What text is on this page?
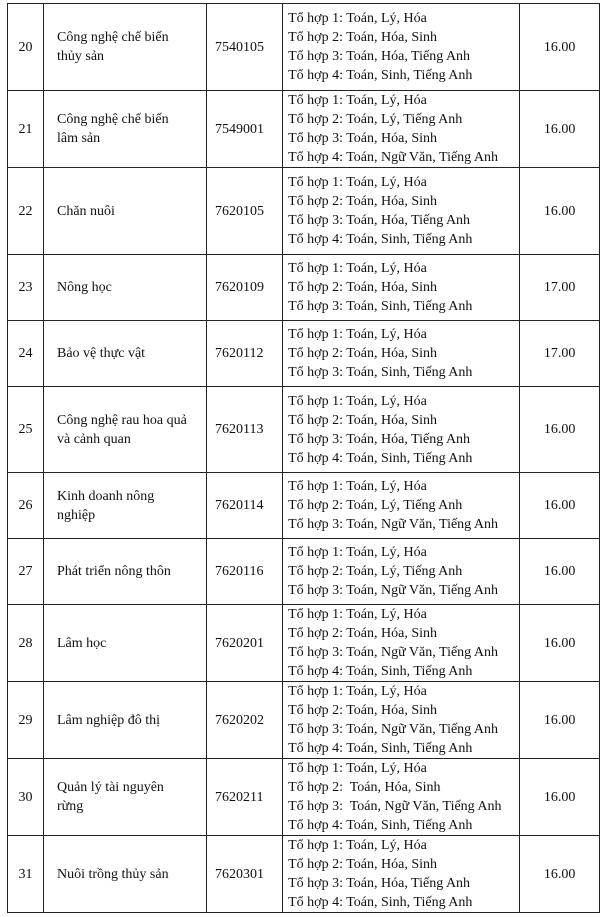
20	Công nghệ chế biến
thủy sản	7540105	Tổ hợp 1: Toán, Lý, Hóa
Tổ hợp 2: Toán, Hóa, Sinh
Tổ hợp 3: Toán, Hóa, Tiếng Anh
Tổ hợp 4: Toán, Sinh, Tiếng Anh	16.00
21	Công nghệ chế biến
lâm sản	7549001	Tổ hợp 1: Toán, Lý, Hóa
Tổ hợp 2: Toán, Lý, Tiếng Anh
Tổ hợp 3: Toán, Hóa, Sinh
Tổ hợp 4: Toán, Ngữ Văn, Tiếng Anh	16.00
22	Chăn nuôi	7620105	Tổ hợp 1: Toán, Lý, Hóa
Tổ hợp 2: Toán, Hóa, Sinh
Tổ hợp 3: Toán, Hóa, Tiếng Anh
Tổ hợp 4: Toán, Sinh, Tiếng Anh	16.00
23	Nông học	7620109	Tổ hợp 1: Toán, Lý, Hóa
Tổ hợp 2: Toán, Hóa, Sinh
Tổ hợp 3: Toán, Sinh, Tiếng Anh	17.00
24	Bảo vệ thực vật	7620112	Tổ hợp 1: Toán, Lý, Hóa
Tổ hợp 2: Toán, Hóa, Sinh
Tổ hợp 3: Toán, Sinh, Tiếng Anh	17.00
25	Công nghệ rau hoa quả
và cảnh quan	7620113	Tổ hợp 1: Toán, Lý, Hóa
Tổ hợp 2: Toán, Hóa, Sinh
Tổ hợp 3: Toán, Hóa, Tiếng Anh
Tổ hợp 4: Toán, Sinh, Tiếng Anh	16.00
26	Kinh doanh nông
nghiệp	7620114	Tổ hợp 1: Toán, Lý, Hóa
Tổ hợp 2: Toán, Lý, Tiếng Anh
Tổ hợp 3: Toán, Ngữ Văn, Tiếng Anh	16.00
27	Phát triển nông thôn	7620116	Tổ hợp 1: Toán, Lý, Hóa
Tổ hợp 2: Toán, Lý, Tiếng Anh
Tổ hợp 3: Toán, Ngữ Văn, Tiếng Anh	16.00
28	Lâm học	7620201	Tổ hợp 1: Toán, Lý, Hóa
Tổ hợp 2: Toán, Hóa, Sinh
Tổ hợp 3: Toán, Ngữ Văn, Tiếng Anh
Tổ hợp 4: Toán, Sinh, Tiếng Anh	16.00
29	Lâm nghiệp đô thị	7620202	Tổ hợp 1: Toán, Lý, Hóa
Tổ hợp 2: Toán, Hóa, Sinh
Tổ hợp 3: Toán, Ngữ Văn, Tiếng Anh
Tổ hợp 4: Toán, Sinh, Tiếng Anh	16.00
30	Quản lý tài nguyên
rừng	7620211	Tổ hợp 1: Toán, Lý, Hóa
Tổ hợp 2:  Toán, Hóa, Sinh
Tổ hợp 3:  Toán, Ngữ Văn, Tiếng Anh
Tổ hợp 4: Toán, Sinh, Tiếng Anh	16.00
31	Nuôi trồng thủy sản	7620301	Tổ hợp 1: Toán, Lý, Hóa
Tổ hợp 2: Toán, Hóa, Sinh
Tổ hợp 3: Toán, Hóa, Tiếng Anh
Tổ hợp 4: Toán, Sinh, Tiếng Anh	16.00
